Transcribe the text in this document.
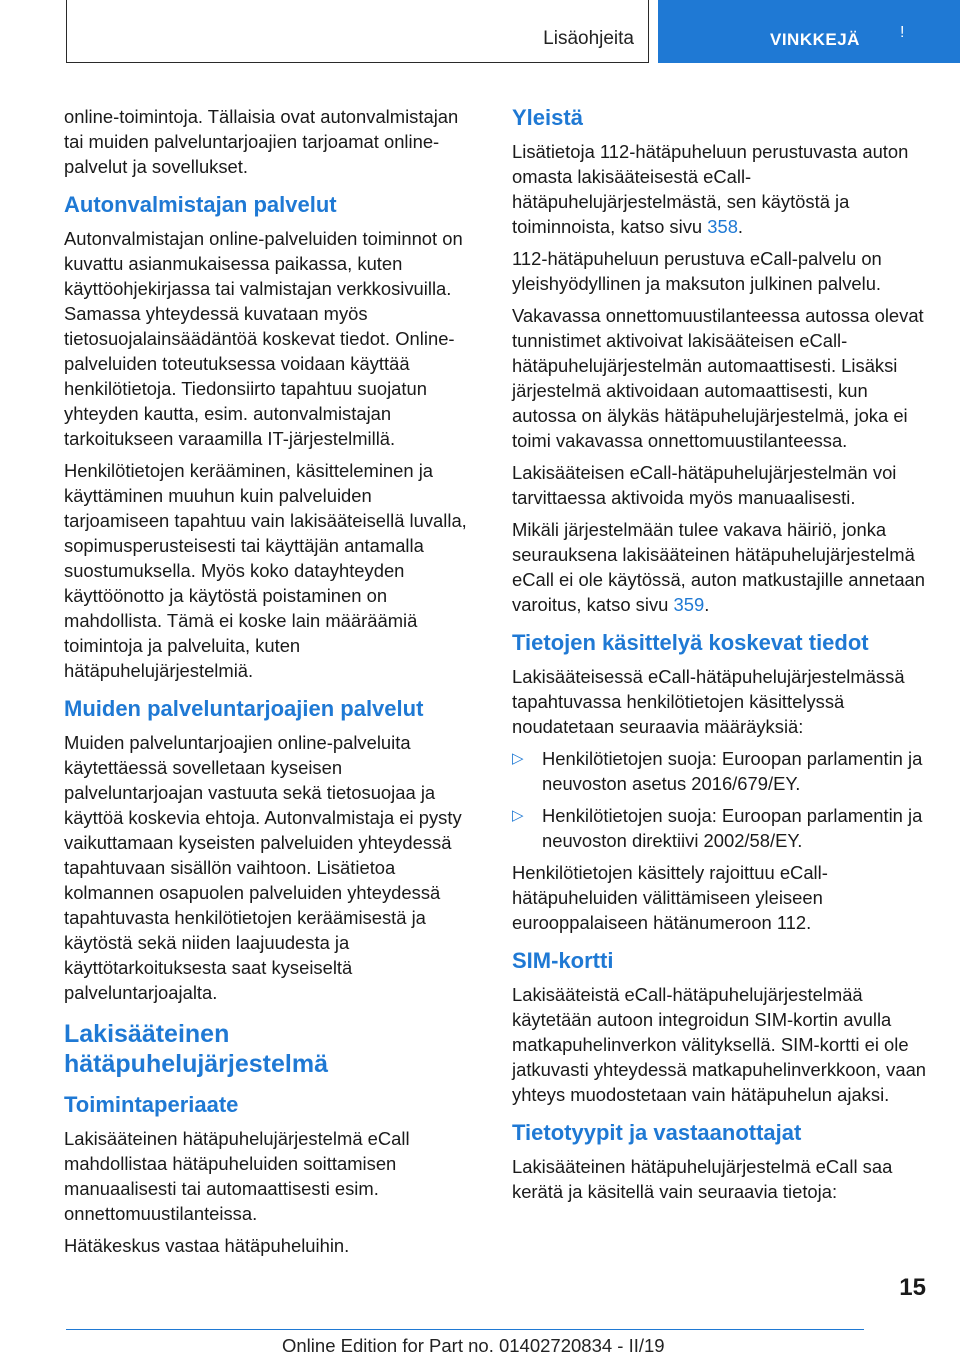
Lisäohjeita	VINKKEJÄ	!

online-toimintoja. Tällaisia ovat autonvalmistajan tai muiden palveluntarjoajien tarjoamat online-palvelut ja sovellukset.

Autonvalmistajan palvelut

Autonvalmistajan online-palveluiden toiminnot on kuvattu asianmukaisessa paikassa, kuten käyttöohjekirjassa tai valmistajan verkkosivuilla. Samassa yhteydessä kuvataan myös tietosuojalainsäädäntöä koskevat tiedot. Online-palveluiden toteutuksessa voidaan käyttää henkilötietoja. Tiedonsiirto tapahtuu suojatun yhteyden kautta, esim. autonvalmistajan tarkoitukseen varaamilla IT-järjestelmillä.

Henkilötietojen kerääminen, käsitteleminen ja käyttäminen muuhun kuin palveluiden tarjoamiseen tapahtuu vain lakisääteisellä luvalla, sopimusperusteisesti tai käyttäjän antamalla suostumuksella. Myös koko datayhteyden käyttöönotto ja käytöstä poistaminen on mahdollista. Tämä ei koske lain määräämiä toimintoja ja palveluita, kuten hätäpuhelujärjestelmiä.

Muiden palveluntarjoajien palvelut

Muiden palveluntarjoajien online-palveluita käytettäessä sovelletaan kyseisen palveluntarjoajan vastuuta sekä tietosuojaa ja käyttöä koskevia ehtoja. Autonvalmistaja ei pysty vaikuttamaan kyseisten palveluiden yhteydessä tapahtuvaan sisällön vaihtoon. Lisätietoa kolmannen osapuolen palveluiden yhteydessä tapahtuvasta henkilötietojen keräämisestä ja käytöstä sekä niiden laajuudesta ja käyttötarkoituksesta saat kyseiseltä palveluntarjoajalta.

Lakisääteinen hätäpuhelujärjestelmä
Toimintaperiaate

Lakisääteinen hätäpuhelujärjestelmä eCall mahdollistaa hätäpuheluiden soittamisen manuaalisesti tai automaattisesti esim. onnettomuustilanteissa.

Hätäkeskus vastaa hätäpuheluihin.

Yleistä

Lisätietoja 112-hätäpuheluun perustuvasta auton omasta lakisääteisestä eCall-hätäpuhelujärjestelmästä, sen käytöstä ja toiminnoista, katso sivu 358.

112-hätäpuheluun perustuva eCall-palvelu on yleishyödyllinen ja maksuton julkinen palvelu.

Vakavassa onnettomuustilanteessa autossa olevat tunnistimet aktivoivat lakisääteisen eCall-hätäpuhelujärjestelmän automaattisesti. Lisäksi järjestelmä aktivoidaan automaattisesti, kun autossa on älykäs hätäpuhelujärjestelmä, joka ei toimi vakavassa onnettomuustilanteessa.

Lakisääteisen eCall-hätäpuhelujärjestelmän voi tarvittaessa aktivoida myös manuaalisesti.

Mikäli järjestelmään tulee vakava häiriö, jonka seurauksena lakisääteinen hätäpuhelujärjestelmä eCall ei ole käytössä, auton matkustajille annetaan varoitus, katso sivu 359.

Tietojen käsittelyä koskevat tiedot

Lakisääteisessä eCall-hätäpuhelujärjestelmässä tapahtuvassa henkilötietojen käsittelyssä noudatetaan seuraavia määräyksiä:

▷ Henkilötietojen suoja: Euroopan parlamentin ja neuvoston asetus 2016/679/EY.
▷ Henkilötietojen suoja: Euroopan parlamentin ja neuvoston direktiivi 2002/58/EY.

Henkilötietojen käsittely rajoittuu eCall-hätäpuheluiden välittämiseen yleiseen eurooppalaiseen hätänumeroon 112.

SIM-kortti

Lakisääteistä eCall-hätäpuhelujärjestelmää käytetään autoon integroidun SIM-kortin avulla matkapuhelinverkon välityksellä. SIM-kortti ei ole jatkuvasti yhteydessä matkapuhelinverkkoon, vaan yhteys muodostetaan vain hätäpuhelun ajaksi.

Tietotyypit ja vastaanottajat

Lakisääteinen hätäpuhelujärjestelmä eCall saa kerätä ja käsitellä vain seuraavia tietoja:

15
Online Edition for Part no. 01402720834 - II/19
